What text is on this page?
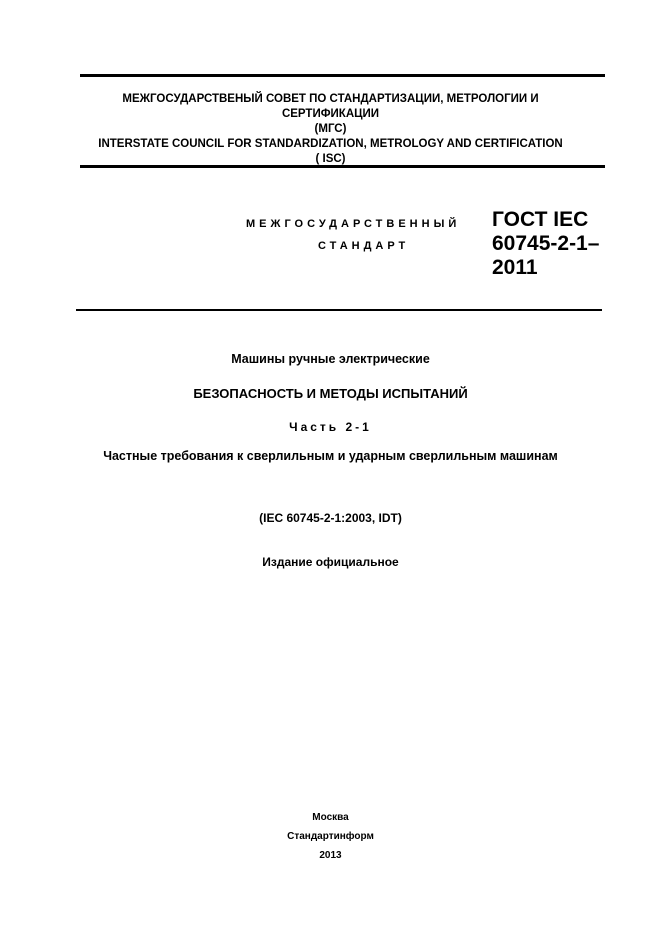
МЕЖГОСУДАРСТВЕНЫЙ СОВЕТ ПО СТАНДАРТИЗАЦИИ, МЕТРОЛОГИИ И
СЕРТИФИКАЦИИ
(МГС)
INTERSTATE COUNCIL FOR STANDARDIZATION, METROLOGY AND CERTIFICATION
( ISC)
МЕЖГОСУДАРСТВЕННЫЙ
СТАНДАРТ
ГОСТ IEC
60745-2-1–
2011
Машины ручные электрические
БЕЗОПАСНОСТЬ И МЕТОДЫ ИСПЫТАНИЙ
Часть 2-1
Частные требования к сверлильным и ударным сверлильным машинам
(IEC 60745-2-1:2003, IDT)
Издание официальное
Москва
Стандартинформ
2013
